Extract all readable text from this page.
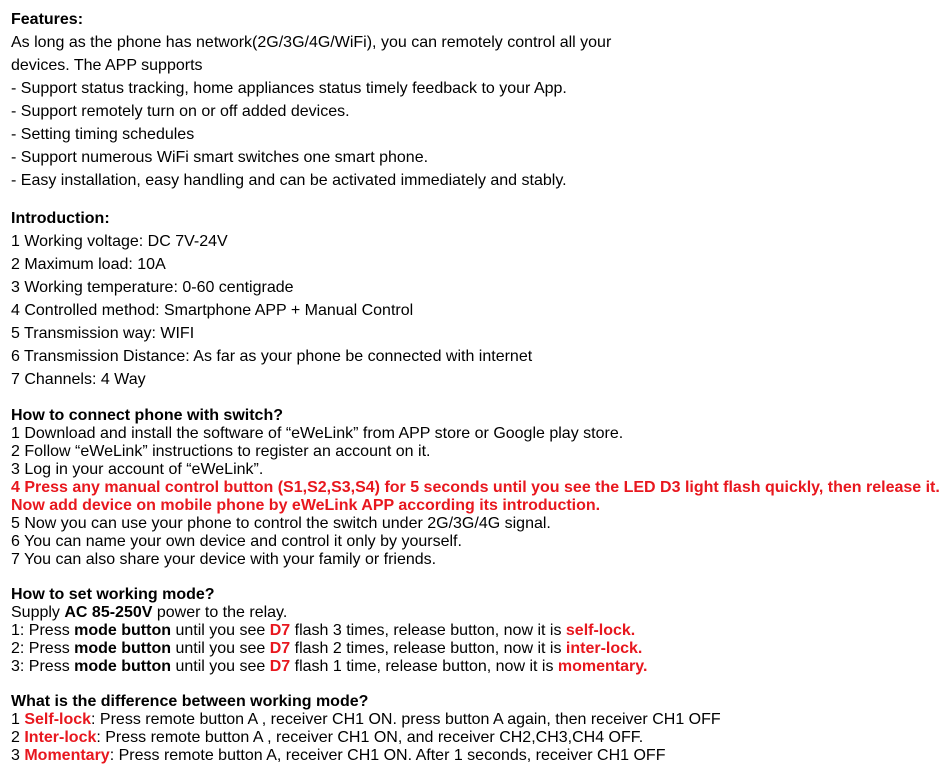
Features:
As long as the phone has network(2G/3G/4G/WiFi), you can remotely control all your
devices. The APP supports
- Support status tracking, home appliances status timely feedback to your App.
- Support remotely turn on or off added devices.
- Setting timing schedules
- Support numerous WiFi smart switches one smart phone.
- Easy installation, easy handling and can be activated immediately and stably.
Introduction:
1 Working voltage: DC 7V-24V
2 Maximum load: 10A
3 Working temperature: 0-60 centigrade
4 Controlled method: Smartphone APP + Manual Control
5 Transmission way: WIFI
6 Transmission Distance: As far as your phone be connected with internet
7 Channels: 4 Way
How to connect phone with switch?
1 Download and install the software of “eWeLink” from APP store or Google play store.
2 Follow “eWeLink” instructions to register an account on it.
3 Log in your account of “eWeLink”.
4 Press any manual control button (S1,S2,S3,S4) for 5 seconds until you see the LED D3 light flash quickly, then release it. Now add device on mobile phone by eWeLink APP according its introduction.
5 Now you can use your phone to control the switch under 2G/3G/4G signal.
6 You can name your own device and control it only by yourself.
7 You can also share your device with your family or friends.
How to set working mode?
Supply AC 85-250V power to the relay.
1: Press mode button until you see D7 flash 3 times, release button, now it is self-lock.
2: Press mode button until you see D7 flash 2 times, release button, now it is inter-lock.
3: Press mode button until you see D7 flash 1 time, release button, now it is momentary.
What is the difference between working mode?
1 Self-lock: Press remote button A , receiver CH1 ON. press button A again, then receiver CH1 OFF
2 Inter-lock: Press remote button A , receiver CH1 ON, and receiver CH2,CH3,CH4 OFF.
3 Momentary: Press remote button A, receiver CH1 ON. After 1 seconds, receiver CH1 OFF
